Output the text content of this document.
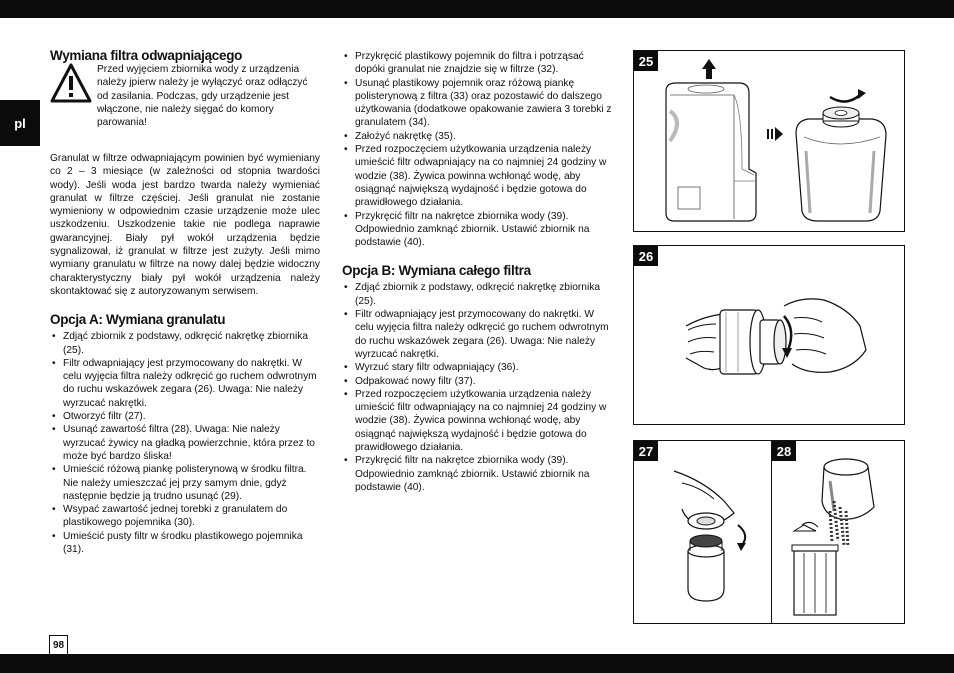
pl
Wymiana filtra odwapniającego
Przed wyjęciem zbiornika wody z urządzenia należy jpierw należy je wyłączyć oraz odłączyć od zasilania. Podczas, gdy urządzenie jest włączone, nie należy sięgać do komory parowania!
Granulat w filtrze odwapniającym powinien być wymieniany co 2 – 3 miesiące (w zależności od stopnia twardości wody). Jeśli woda jest bardzo twarda należy wymieniać granulat w filtrze częściej. Jeśli granulat nie zostanie wymieniony w odpowiednim czasie urządzenie może ulec uszkodzeniu. Uszkodzenie takie nie podlega naprawie gwarancyjnej. Biały pył wokół urządzenia będzie sygnalizował, iż granulat w filtrze jest zużyty. Jeśli mimo wymiany granulatu w filtrze na nowy dalej będzie widoczny charakterystyczny biały pył wokół urządzenia należy skontaktować się z autoryzowanym serwisem.
Opcja A: Wymiana granulatu
• Zdjąć zbiornik z podstawy, odkręcić nakrętkę zbiornika (25).
• Filtr odwapniający jest przymocowany do nakrętki. W celu wyjęcia filtra należy odkręcić go ruchem odwrotnym do ruchu wskazówek zegara (26). Uwaga: Nie należy wyrzucać nakrętki.
• Otworzyć filtr (27).
• Usunąć zawartość filtra (28). Uwaga: Nie należy wyrzucać żywicy na gładką powierzchnie, która przez to może być bardzo śliska!
• Umieścić różową piankę polisterynową w środku filtra. Nie należy umieszczać jej przy samym dnie, gdyż następnie będzie ją trudno usunąć (29).
• Wsypać zawartość jednej torebki z granulatem do plastikowego pojemnika (30).
• Umieścić pusty filtr w środku plastikowego pojemnika (31).
• Przykręcić plastikowy pojemnik do filtra i potrząsać dopóki granulat nie znajdzie się w filtrze (32).
• Usunąć plastikowy pojemnik oraz różową piankę polisterynową z filtra (33) oraz pozostawić do dalszego użytkowania (dodatkowe opakowanie zawiera 3 torebki z granulatem (34).
• Założyć nakrętkę (35).
• Przed rozpoczęciem użytkowania urządzenia należy umieścić filtr odwapniający na co najmniej 24 godziny w wodzie (38). Żywica powinna wchłonąć wodę, aby osiągnąć największą wydajność i będzie gotowa do prawidłowego działania.
• Przykręcić filtr na nakrętce zbiornika wody (39). Odpowiednio zamknąć zbiornik. Ustawić zbiornik na podstawie (40).
Opcja B: Wymiana całego filtra
• Zdjąć zbiornik z podstawy, odkręcić nakrętkę zbiornika (25).
• Filtr odwapniający jest przymocowany do nakrętki. W celu wyjęcia filtra należy odkręcić go ruchem odwrotnym do ruchu wskazówek zegara (26). Uwaga: Nie należy wyrzucać nakrętki.
• Wyrzuć stary filtr odwapniający (36).
• Odpakować nowy filtr (37).
• Przed rozpoczęciem użytkowania urządzenia należy umieścić filtr odwapniający na co najmniej 24 godziny w wodzie (38). Żywica powinna wchłonąć wodę, aby osiągnąć największą wydajność i będzie gotowa do prawidłowego działania.
• Przykręcić filtr na nakrętce zbiornika wody (39). Odpowiednio zamknąć zbiornik. Ustawić zbiornik na podstawie (40).
25
26
27	28
98
